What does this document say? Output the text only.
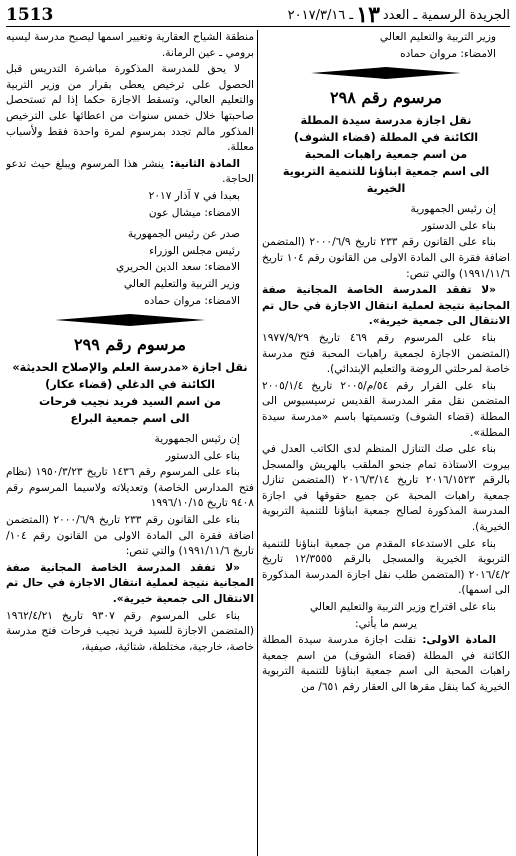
الجريدة الرسمية ـ العدد١٣ـ ٢٠١٧/٣/١٦
1513

وزير التربية والتعليم العالي

الامضاء: مروان حماده

مرسوم رقم ٢٩٨
نقل اجازة مدرسة سيدة المطلة
الكائنة في المطلة (قضاء الشوف)
من اسم جمعية راهبات المحبة
الى اسم جمعية ابناؤنا للتنمية التربوية الخيرية

إن رئيس الجمهورية

بناء على الدستور

بناء على القانون رقم ٢٣٣ تاريخ ٢٠٠٠/٦/٩ (المتضمن اضافة فقرة الى المادة الاولى من القانون رقم ١٠٤ تاريخ ١٩٩١/١١/٦) والتي تنص:

«لا تفقد المدرسة الخاصة المجانية صفة المجانية نتيجة لعملية انتقال الاجازة في حال تم الانتقال الى جمعية خيرية».

بناء على المرسوم رقم ٤٦٩ تاريخ ١٩٧٧/٩/٢٩ (المتضمن الاجازة لجمعية راهبات المحبة فتح مدرسة خاصة لمرحلتي الروضة والتعليم الإبتدائي).

بناء على القرار رقم ٥٤/م/٢٠٠٥ تاريخ ٢٠٠٥/١/٤ المتضمن نقل مقر المدرسة القديس ترسيسيوس الى المطلة (قضاء الشوف) وتسميتها باسم «مدرسة سيدة المطلة».

بناء على صك التنازل المنظم لدى الكاتب العدل في بيروت الاستاذة تمام جنحو الملقب بالهريش والمسجل بالرقم ٢٠١٦/١٥٢٣ تاريخ ٢٠١٦/٣/١٤ (المتضمن تنازل جمعية راهبات المحبة عن جميع حقوقها في اجازة المدرسة المذكورة لصالح جمعية ابناؤنا للتنمية التربوية الخيرية).

بناء على الاستدعاء المقدم من جمعية ابناؤنا للتنمية التربوية الخيرية والمسجل بالرقم ١٢/٣٥٥٥ تاريخ ٢٠١٦/٤/٢ (المتضمن طلب نقل اجازة المدرسة المذكورة الى اسمها).

بناء على اقتراح وزير التربية والتعليم العالي

يرسم ما يأتي:

المادة الاولى:نقلت اجازة مدرسة سيدة المطلة الكائنة في المطلة (قضاء الشوف) من اسم جمعية راهبات المحبة الى اسم جمعية ابناؤنا للتنمية التربوية الخيرية كما ينقل مقرها الى العقار رقم ٦٥١/ من

منطقة الشياح العقارية وتغيير اسمها ليصبح مدرسة ليسيه برومي ـ عين الرمانة.

لا يحق للمدرسة المذكورة مباشرة التدريس قبل الحصول على ترخيص يعطى بقرار من وزير التربية والتعليم العالي، وتسقط الاجازة حكما إذا لم تستحصل صاحبتها خلال خمس سنوات من اعطائها على الترخيص المذكور مالم تجدد بمرسوم لمرة واحدة فقط ولأسباب معللة.

المادة الثانية:ينشر هذا المرسوم ويبلغ حيث تدعو الحاجة.

بعبدا في ٧ آذار ٢٠١٧

الامضاء: ميشال عون

صدر عن رئيس الجمهورية

رئيس مجلس الوزراء

الامضاء: سعد الدين الحريري

وزير التربية والتعليم العالي

الامضاء: مروان حماده

مرسوم رقم ٢٩٩
نقل اجازة «مدرسة العلم والإصلاح الحديثة»
الكائنة في الدغلي (قضاء عكار)
من اسم السيد فريد نجيب فرحات
الى اسم جمعية البراع

إن رئيس الجمهورية

بناء على الدستور

بناء على المرسوم رقم ١٤٣٦ تاريخ ١٩٥٠/٣/٢٣ (نظام فتح المدارس الخاصة) وتعديلاته ولاسيما المرسوم رقم ٩٤٠٨ تاريخ ١٩٩٦/١٠/١٥

بناء على القانون رقم ٢٣٣ تاريخ ٢٠٠٠/٦/٩ (المتضمن اضافة فقرة الى المادة الاولى من القانون رقم ١٠٤/ تاريخ ١٩٩١/١١/٦) والتي تنص:

«لا تفقد المدرسة الخاصة المجانية صفة المجانية نتيجة لعملية انتقال الاجازة في حال تم الانتقال الى جمعية خيرية».

بناء على المرسوم رقم ٩٣٠٧ تاريخ ١٩٦٢/٤/٢١ (المتضمن الاجازة للسيد فريد نجيب فرحات فتح مدرسة خاصة، خارجية، مختلطة، شتائية، صيفية،
